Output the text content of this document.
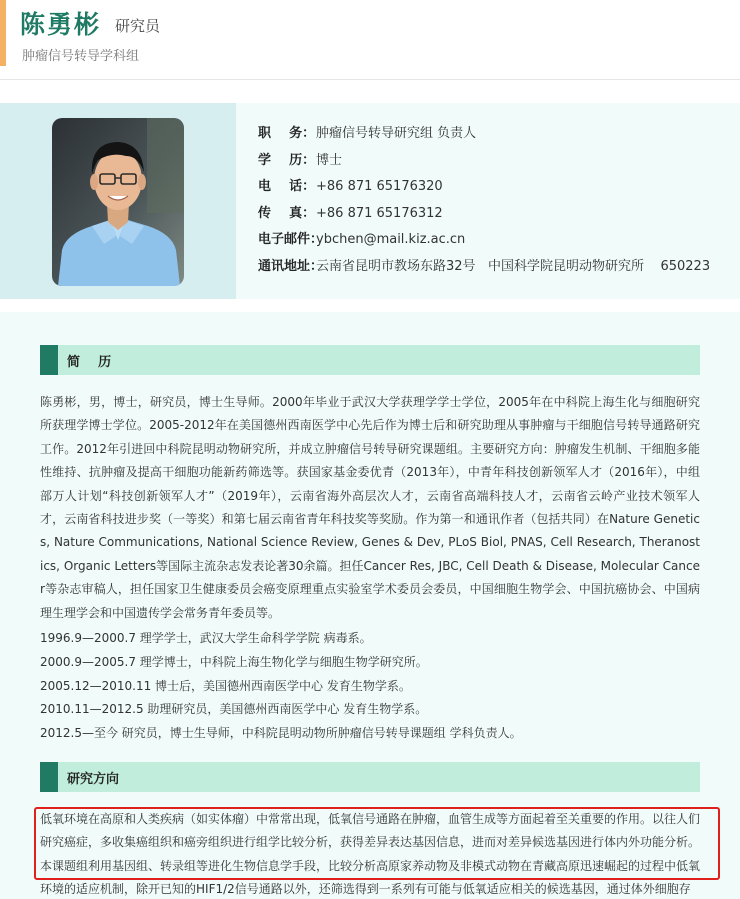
陈勇彬 研究员
肿瘤信号转导学科组
职    务： 肿瘤信号转导研究组 负责人
学    历： 博士
电    话： +86 871 65176320
传    真： +86 871 65176312
电子邮件：
ybchen@mail.kiz.ac.cn
通讯地址：
云南省昆明市教场东路32号   中国科学院昆明动物研究所    650223
简    历
陈勇彬，男，博士，研究员，博士生导师。2000年毕业于武汉大学获理学学士学位，2005年在中科院上海生化与细胞研究所获理学博士学位。2005-2012年在美国德州西南医学中心先后作为博士后和研究助理从事肿瘤与干细胞信号转导通路研究工作。2012年引进回中科院昆明动物研究所，并成立肿瘤信号转导研究课题组。主要研究方向：肿瘤发生机制、干细胞多能性维持、抗肿瘤及提高干细胞功能新药筛选等。获国家基金委优青（2013年），中青年科技创新领军人才（2016年），中组部万人计划“科技创新领军人才”（2019年），云南省海外高层次人才，云南省高端科技人才，云南省云岭产业技术领军人才，云南省科技进步奖（一等奖）和第七届云南省青年科技奖等奖励。作为第一和通讯作者（包括共同）在Nature Genetics, Nature Communications, National Science Review, Genes & Dev, PLoS Biol, PNAS, Cell Research, Theranostics, Organic Letters等国际主流杂志发表论著30余篇。担任Cancer Res, JBC, Cell Death & Disease, Molecular Cancer等杂志审稿人，担任国家卫生健康委员会癌变原理重点实验室学术委员会委员，中国细胞生物学会、中国抗癌协会、中国病理生理学会和中国遗传学会常务青年委员等。
1996.9—2000.7 理学学士，武汉大学生命科学学院 病毒系。
2000.9—2005.7 理学博士，中科院上海生物化学与细胞生物学研究所。
2005.12—2010.11 博士后，美国德州西南医学中心 发育生物学系。
2010.11—2012.5 助理研究员，美国德州西南医学中心 发育生物学系。
2012.5—至今 研究员，博士生导师，中科院昆明动物所肿瘤信号转导课题组 学科负责人。
研究方向
低氧环境在高原和人类疾病（如实体瘤）中常常出现，低氧信号通路在肿瘤，血管生成等方面起着至关重要的作用。以往人们研究癌症，多收集癌组织和癌旁组织进行组学比较分析，获得差异表达基因信息，进而对差异候选基因进行体内外功能分析。本课题组利用基因组、转录组等进化生物信息学手段，比较分析高原家养动物及非模式动物在青藏高原迅速崛起的过程中低氧环境的适应机制，除开已知的HIF1/2信号通路以外，还筛选得到一系列有可能与低氧适应相关的候选基因，通过体外细胞存
